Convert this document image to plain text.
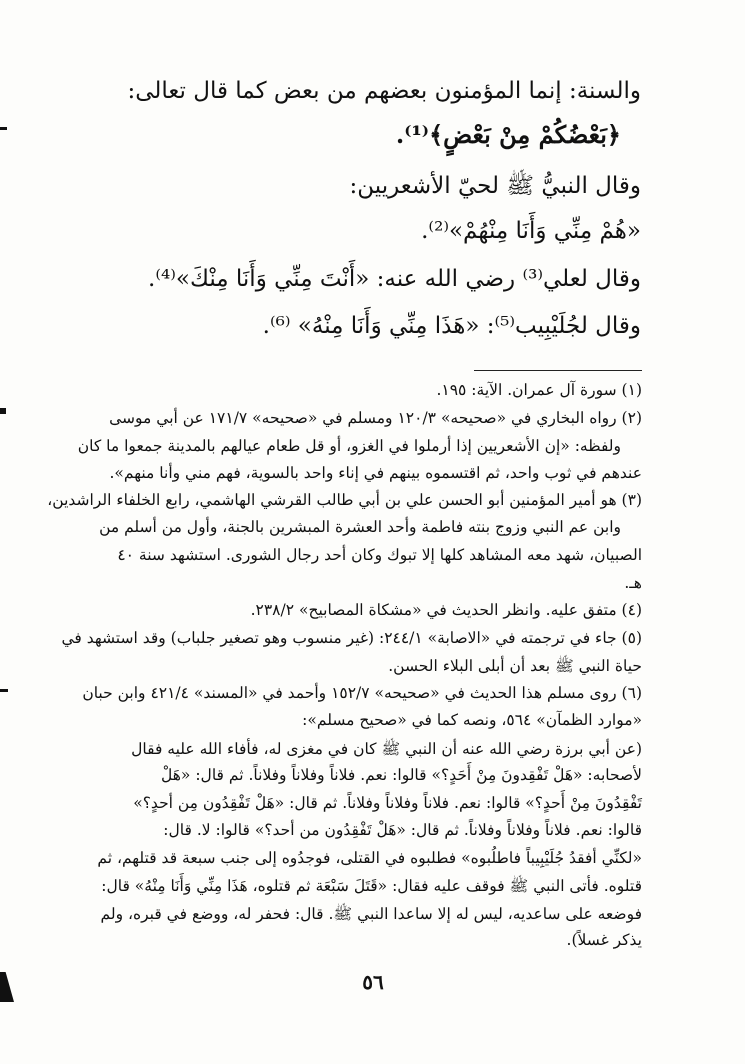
والسنة: إنما المؤمنون بعضهم من بعض كما قال تعالى:
﴿بَعْضُكُمْ مِنْ بَعْضٍ﴾⁽¹⁾.
وقال النبيُّ ﷺ لحيّ الأشعريين:
«هُمْ مِنِّي وَأَنَا مِنْهُمْ»⁽²⁾.
وقال لعلي⁽³⁾ رضي الله عنه: «أَنْتَ مِنِّي وَأَنَا مِنْكَ»⁽⁴⁾.
وقال لجُلَيْبِيب⁽⁵⁾: «هَذَا مِنِّي وَأَنَا مِنْهُ» ⁽⁶⁾.
(١) سورة آل عمران. الآية: ١٩٥.
(٢) رواه البخاري في «صحيحه» ١٢٠/٣ ومسلم في «صحيحه» ١٧١/٧ عن أبي موسى
ولفظه: «إن الأشعريين إذا أرملوا في الغزو، أو قل طعام عيالهم بالمدينة جمعوا ما كان
عندهم في ثوب واحد، ثم اقتسموه بينهم في إناء واحد بالسوية، فهم مني وأنا منهم».
(٣) هو أمير المؤمنين أبو الحسن علي بن أبي طالب القرشي الهاشمي، رابع الخلفاء الراشدين،
وابن عم النبي وزوج بنته فاطمة وأحد العشرة المبشرين بالجنة، وأول من أسلم من
الصبيان، شهد معه المشاهد كلها إلا تبوك وكان أحد رجال الشورى. استشهد سنة ٤٠
هـ.
(٤) متفق عليه. وانظر الحديث في «مشكاة المصابيح» ٢٣٨/٢.
(٥) جاء في ترجمته في «الاصابة» ٢٤٤/١: (غير منسوب وهو تصغير جلباب) وقد استشهد في
حياة النبي ﷺ بعد أن أبلى البلاء الحسن.
(٦) روى مسلم هذا الحديث في «صحيحه» ١٥٢/٧ وأحمد في «المسند» ٤٢١/٤ وابن حبان
«موارد الظمآن» ٥٦٤، ونصه كما في «صحيح مسلم»:
(عن أبي برزة رضي الله عنه أن النبي ﷺ كان في مغزى له، فأفاء الله عليه فقال
لأصحابه: «هَلْ تَفْقِدونَ مِنْ أَحَدٍ؟» قالوا: نعم. فلاناً وفلاناً وفلاناً. ثم قال: «هَلْ
تَفْقِدُونَ مِنْ أَحدٍ؟» قالوا: نعم. فلاناً وفلاناً وفلاناً. ثم قال: «هَلْ تَفْقِدُون مِن أحدٍ؟»
قالوا: نعم. فلاناً وفلاناً وفلاناً. ثم قال: «هَلْ تَفْقِدُون من أحد؟» قالوا: لا. قال:
«لكنِّي أفقدُ جُلَيْبِيباً فاطلُبوه» فطلبوه في القتلى، فوجدُوه إلى جنب سبعة قد قتلهم، ثم
قتلوه. فأتى النبي ﷺ فوقف عليه فقال: «قَتَلَ سَبْعَة ثم قتلوه، هَذَا مِنِّي وَأَنَا مِنْهُ» قال:
فوضعه على ساعديه، ليس له إلا ساعدا النبي ﷺ. قال: فحفر له، ووضع في قبره، ولم
يذكر غسلاً).
٥٦
